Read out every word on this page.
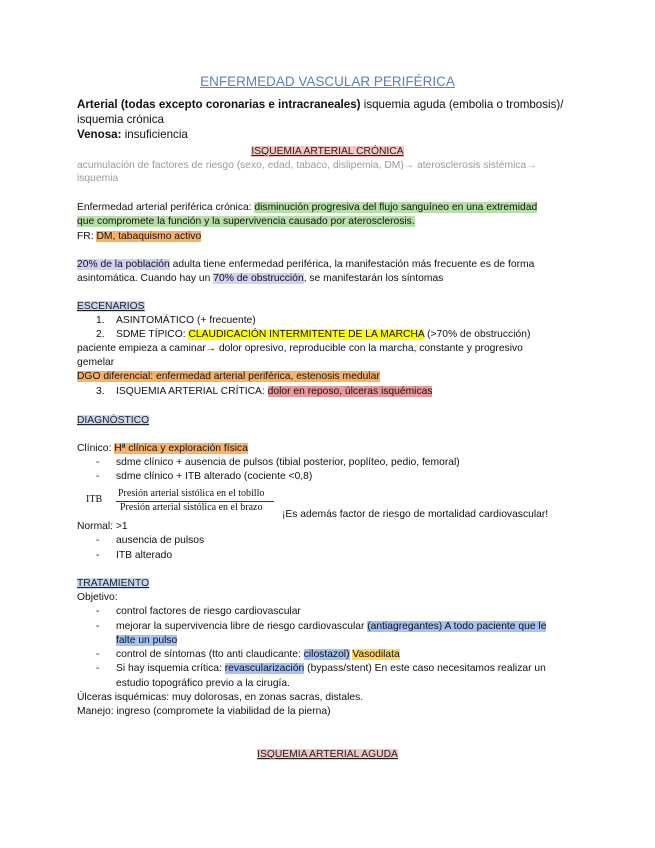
ENFERMEDAD VASCULAR PERIFÉRICA
Arterial (todas excepto coronarias e intracraneales) isquemia aguda (embolia o trombosis)/
isquemia crónica
Venosa: insuficiencia
ISQUEMIA ARTERIAL CRÓNICA
acumulación de factores de riesgo (sexo, edad, tabaco, dislipemia, DM)→ aterosclerosis sistémica→
isquemia
Enfermedad arterial periférica crónica: disminución progresiva del flujo sanguíneo en una extremidad
que compromete la función y la supervivencia causado por aterosclerosis.
FR: DM, tabaquismo activo
20% de la población adulta tiene enfermedad periférica, la manifestación más frecuente es de forma
asintomática. Cuando hay un 70% de obstrucción, se manifestarán los síntomas
ESCENARIOS
1. ASINTOMÁTICO (+ frecuente)
2. SDME TÍPICO: CLAUDICACIÓN INTERMITENTE DE LA MARCHA (>70% de obstrucción)
paciente empieza a caminar→ dolor opresivo, reproducible con la marcha, constante y progresivo
gemelar
DGO diferencial: enfermedad arterial periférica, estenosis medular
3. ISQUEMIA ARTERIAL CRÍTICA: dolor en reposo, úlceras isquémicas
DIAGNÓSTICO
Clínico: Hª clínica y exploración física
- sdme clínico + ausencia de pulsos (tibial posterior, poplíteo, pedio, femoral)
- sdme clínico + ITB alterado (cociente <0,8)
ITB
Presión arterial sistólica en el tobillo
Presión arterial sistólica en el brazo
¡Es además factor de riesgo de mortalidad cardiovascular!
Normal: >1
- ausencia de pulsos
- ITB alterado
TRATAMIENTO
Objetivo:
- control factores de riesgo cardiovascular
- mejorar la supervivencia libre de riesgo cardiovascular (antiagregantes) A todo paciente que le
falte un pulso
- control de síntomas (tto anti claudicante: cilostazol) Vasodilata
- Si hay isquemia crítica: revascularización (bypass/stent) En este caso necesitamos realizar un
estudio topográfico previo a la cirugía.
Úlceras isquémicas: muy dolorosas, en zonas sacras, distales.
Manejo: ingreso (compromete la viabilidad de la pierna)
ISQUEMIA ARTERIAL AGUDA
